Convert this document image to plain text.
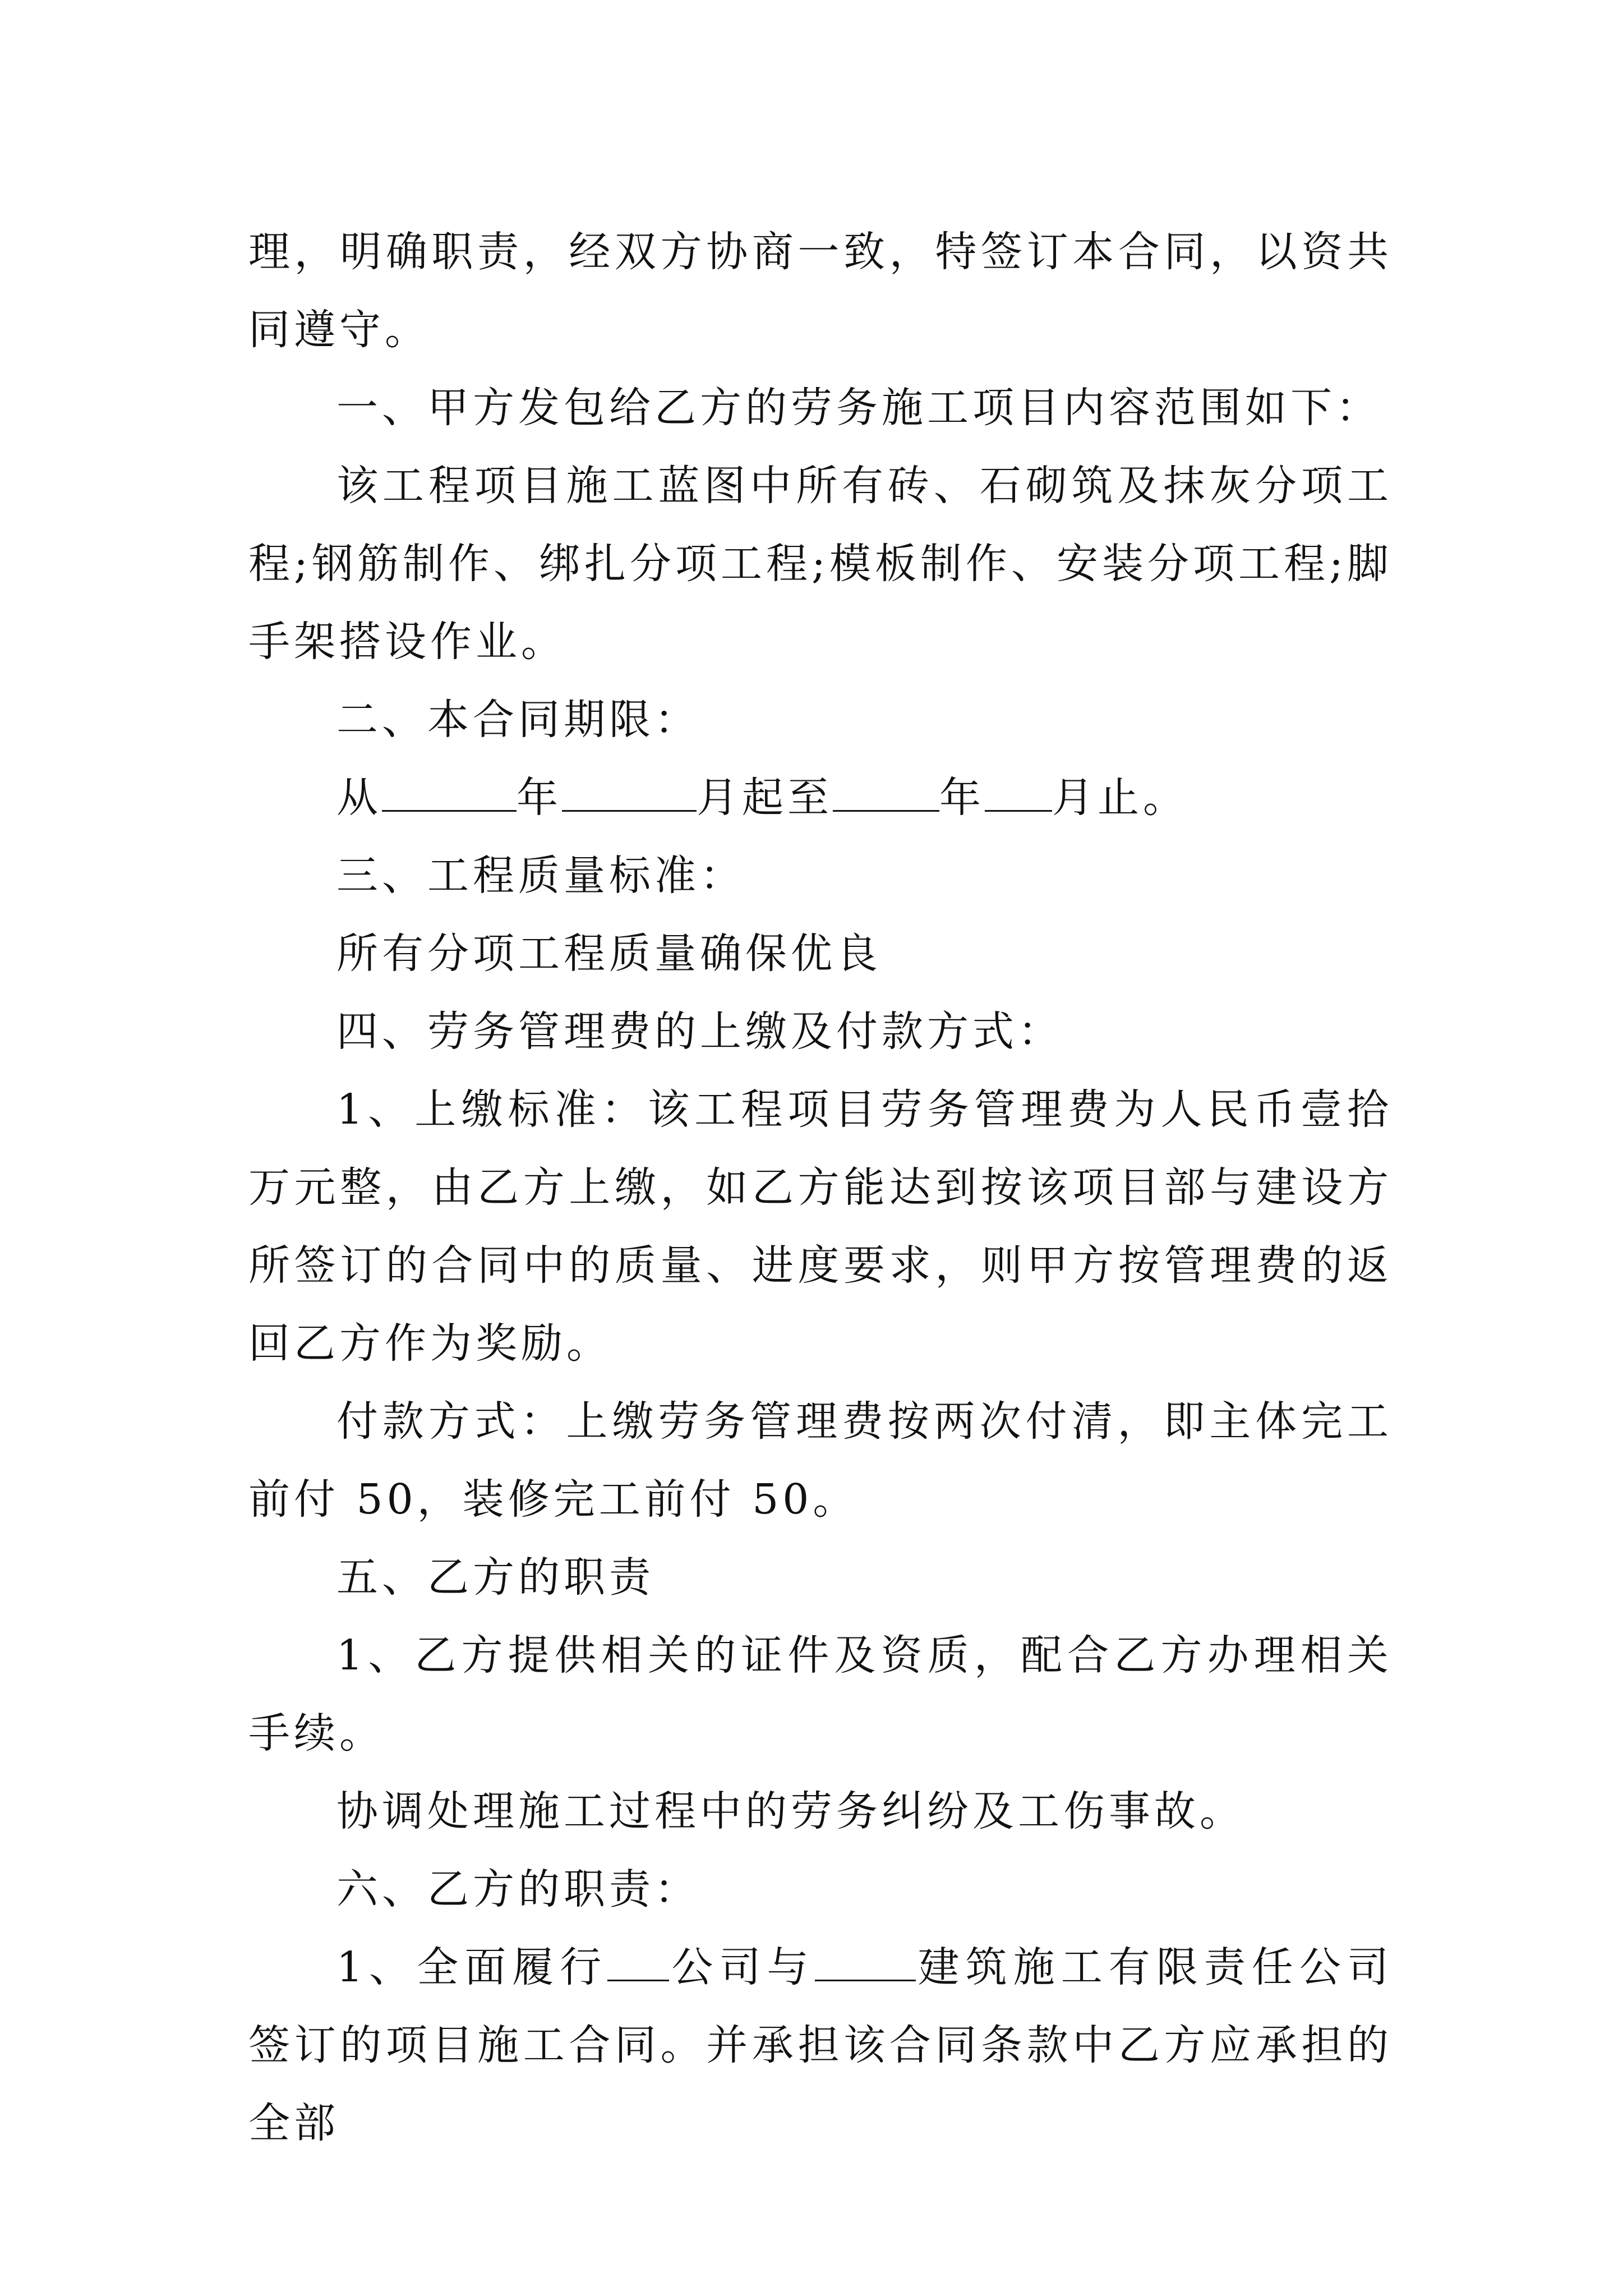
理，明确职责，经双方协商一致，特签订本合同，以资共同遵守。

一、甲方发包给乙方的劳务施工项目内容范围如下：

该工程项目施工蓝图中所有砖、石砌筑及抹灰分项工程;钢筋制作、绑扎分项工程;模板制作、安装分项工程;脚手架搭设作业。

二、本合同期限：

从	年	月起至	年 月止。

三、工程质量标准：

所有分项工程质量确保优良

四、劳务管理费的上缴及付款方式：

1、上缴标准：该工程项目劳务管理费为人民币壹拾万元整，由乙方上缴，如乙方能达到按该项目部与建设方所签订的合同中的质量、进度要求，则甲方按管理费的返回乙方作为奖励。

付款方式：上缴劳务管理费按两次付清，即主体完工前付 50，装修完工前付 50。

五、乙方的职责

1、乙方提供相关的证件及资质，配合乙方办理相关手续。

协调处理施工过程中的劳务纠纷及工伤事故。

六、乙方的职责：

1、全面履行 公司与 建筑施工有限责任公司签订的项目施工合同。并承担该合同条款中乙方应承担的全部
